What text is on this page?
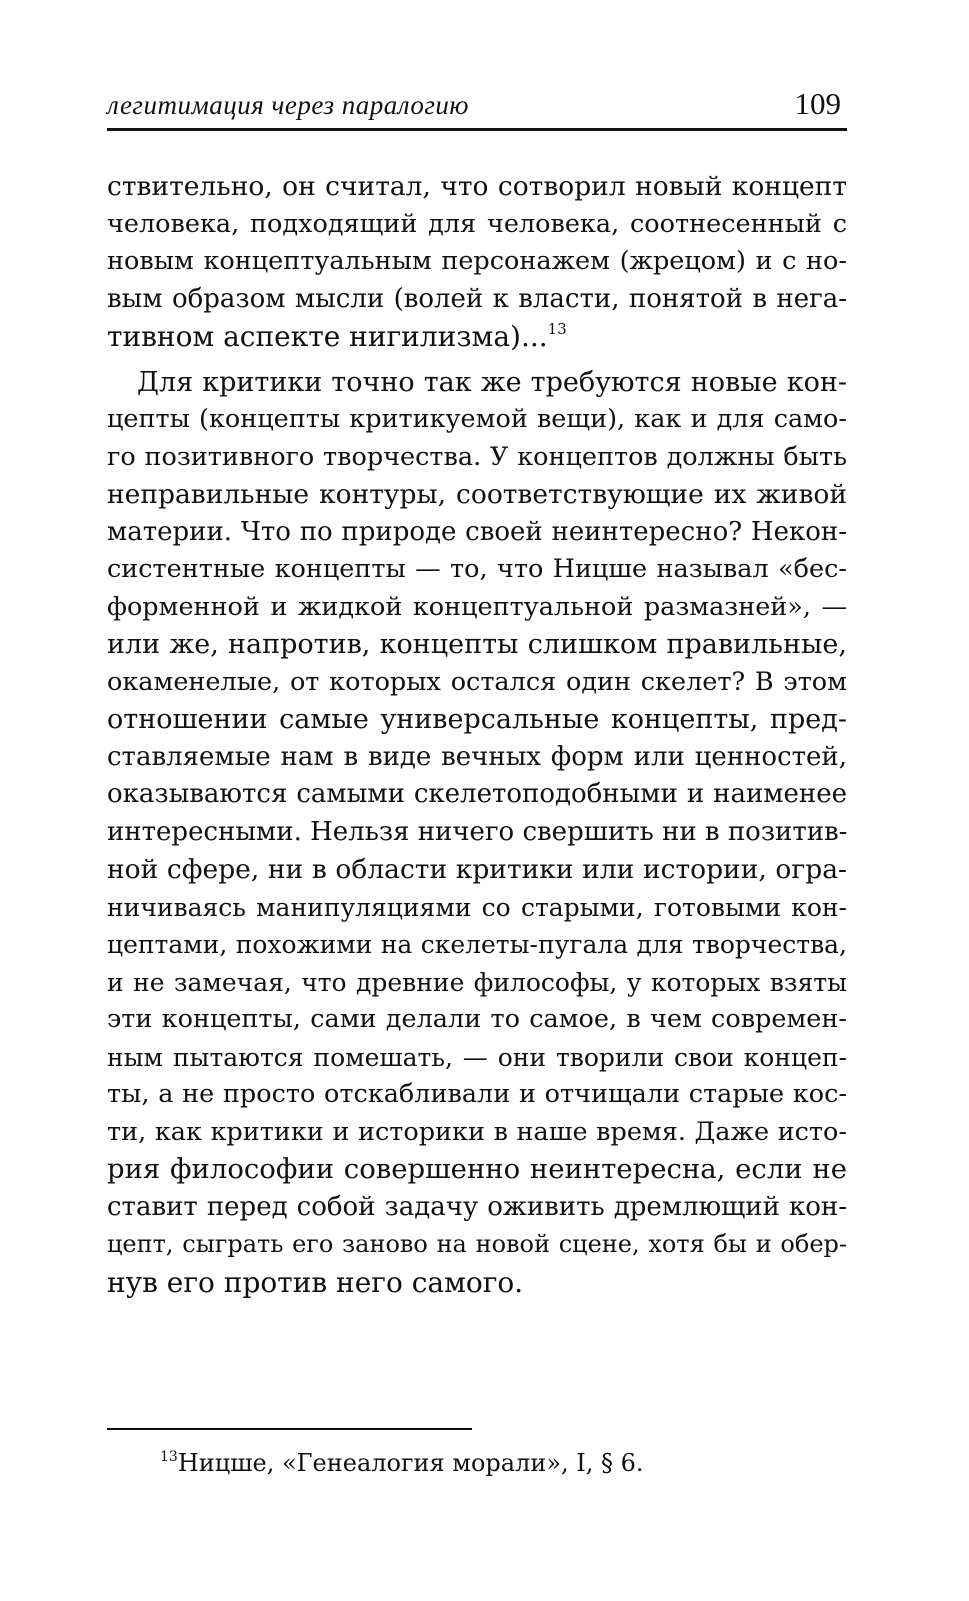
легитимация через паралогию	109
ствительно, он считал, что сотворил новый концепт
человека, подходящий для человека, соотнесенный с
новым концептуальным персонажем (жрецом) и с но-
вым образом мысли (волей к власти, понятой в нега-
тивном аспекте нигилизма)...$^{13}$
Для критики точно так же требуются новые кон-
цепты (концепты критикуемой вещи), как и для само-
го позитивного творчества. У концептов должны быть
неправильные контуры, соответствующие их живой
материи. Что по природе своей неинтересно? Некон-
систентные концепты — то, что Ницше называл «бес-
форменной и жидкой концептуальной размазней», —
или же, напротив, концепты слишком правильные,
окаменелые, от которых остался один скелет? В этом
отношении самые универсальные концепты, пред-
ставляемые нам в виде вечных форм или ценностей,
оказываются самыми скелетоподобными и наименее
интересными. Нельзя ничего свершить ни в позитив-
ной сфере, ни в области критики или истории, огра-
ничиваясь манипуляциями со старыми, готовыми кон-
цептами, похожими на скелеты-пугала для творчества,
и не замечая, что древние философы, у которых взяты
эти концепты, сами делали то самое, в чем современ-
ным пытаются помешать, — они творили свои концеп-
ты, а не просто отскабливали и отчищали старые кос-
ти, как критики и историки в наше время. Даже исто-
рия философии совершенно неинтересна, если не
ставит перед собой задачу оживить дремлющий кон-
цепт, сыграть его заново на новой сцене, хотя бы и обер-
нув его против него самого.
$^{13}$Ницше, «Генеалогия морали», I, § 6.
